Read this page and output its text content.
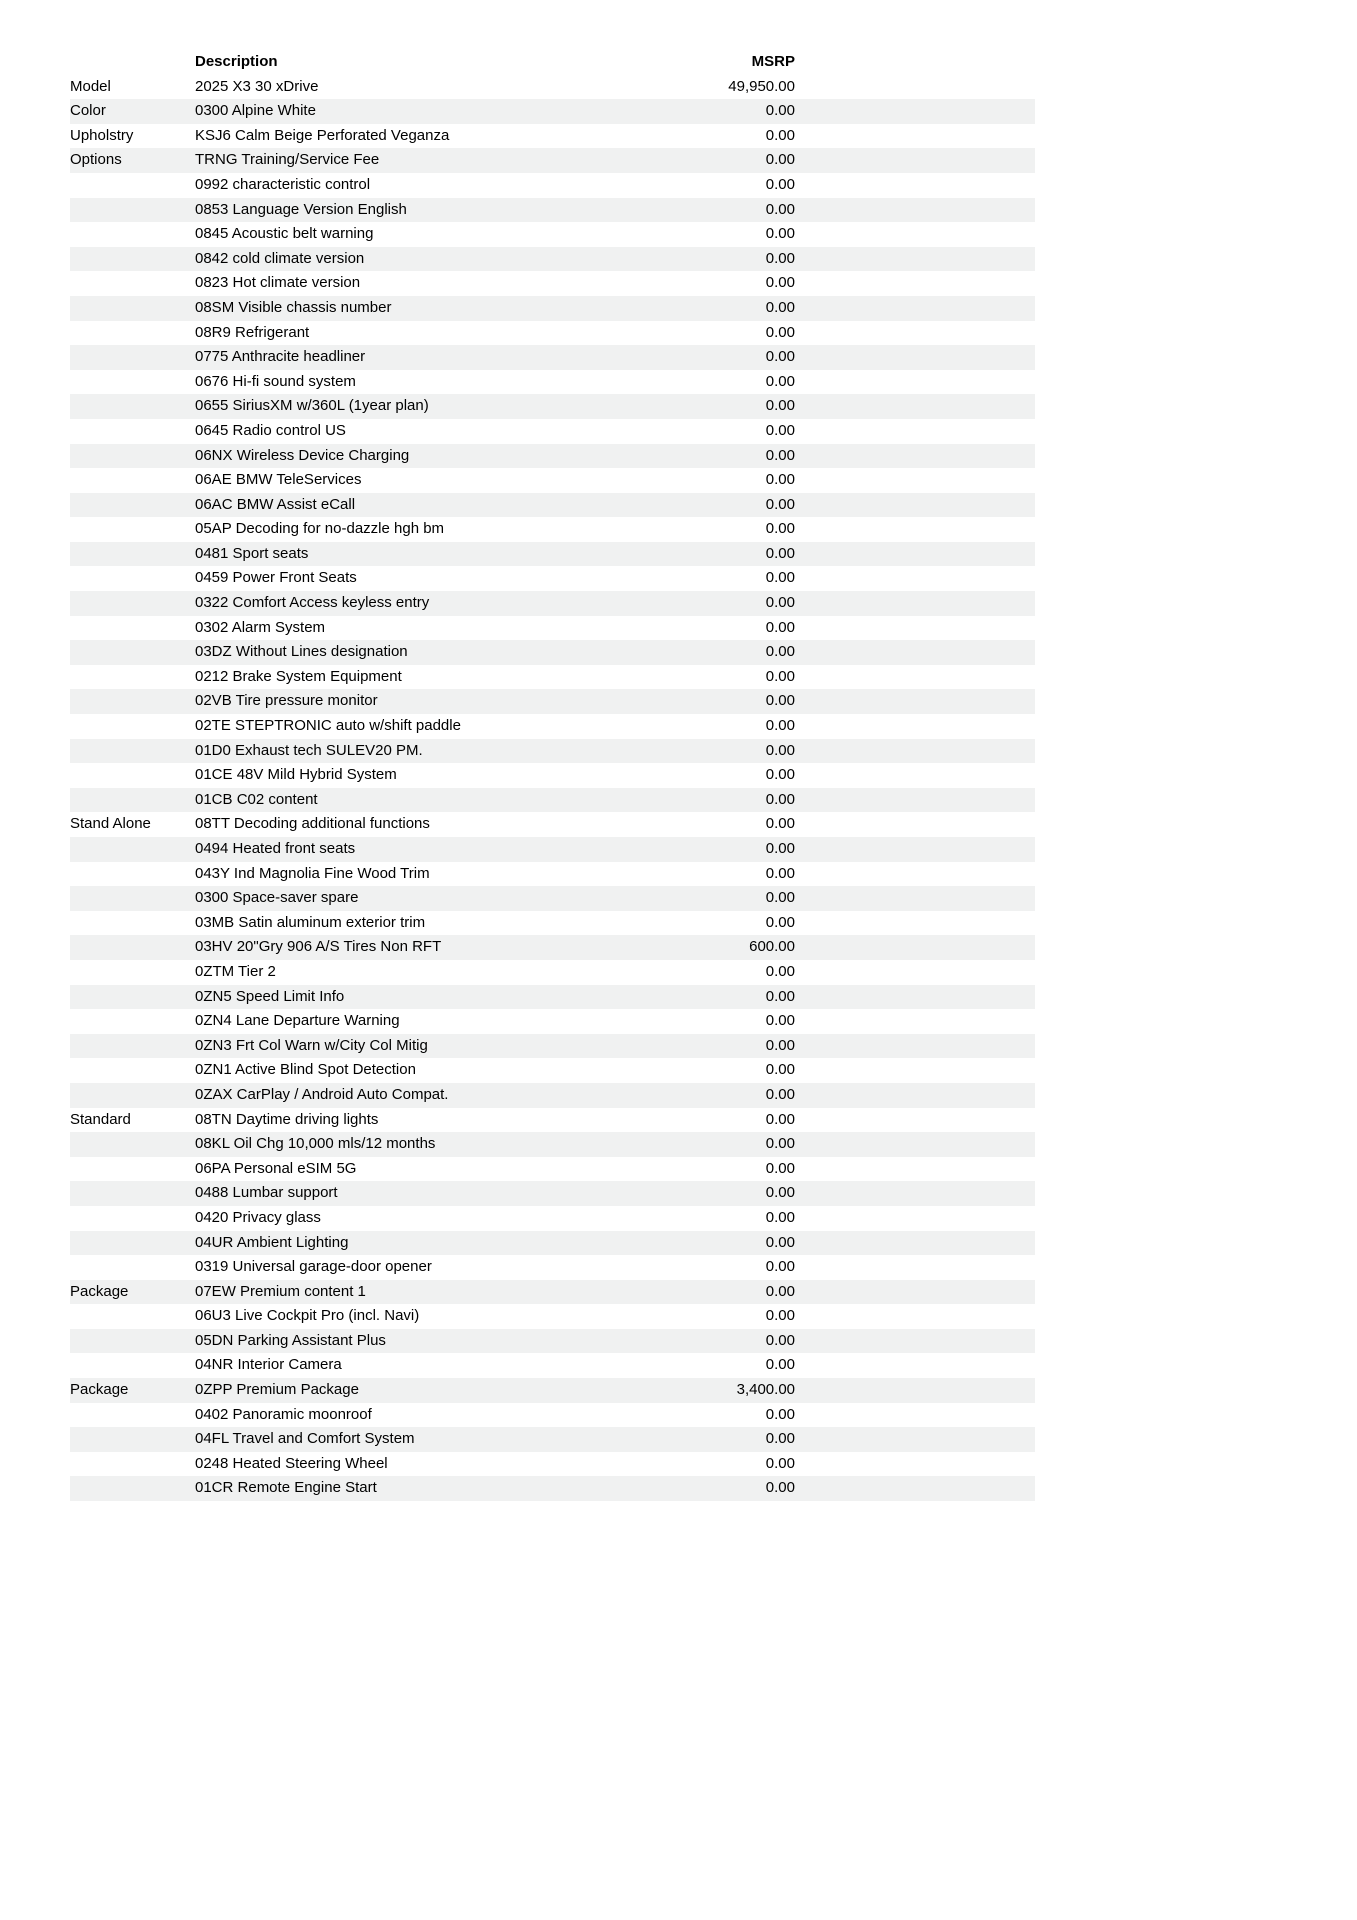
	Description	MSRP	
Model	2025 X3 30 xDrive	49,950.00	
Color	0300 Alpine White	0.00	
Upholstry	KSJ6 Calm Beige Perforated Veganza	0.00	
Options	TRNG Training/Service Fee	0.00	
	0992 characteristic control	0.00	
	0853 Language Version English	0.00	
	0845 Acoustic belt warning	0.00	
	0842 cold climate version	0.00	
	0823 Hot climate version	0.00	
	08SM Visible chassis number	0.00	
	08R9 Refrigerant	0.00	
	0775 Anthracite headliner	0.00	
	0676 Hi-fi sound system	0.00	
	0655 SiriusXM w/360L (1year plan)	0.00	
	0645 Radio control US	0.00	
	06NX Wireless Device Charging	0.00	
	06AE BMW TeleServices	0.00	
	06AC BMW Assist eCall	0.00	
	05AP Decoding for no-dazzle hgh bm	0.00	
	0481 Sport seats	0.00	
	0459 Power Front Seats	0.00	
	0322 Comfort Access keyless entry	0.00	
	0302 Alarm System	0.00	
	03DZ Without Lines designation	0.00	
	0212 Brake System Equipment	0.00	
	02VB Tire pressure monitor	0.00	
	02TE STEPTRONIC auto w/shift paddle	0.00	
	01D0 Exhaust tech SULEV20 PM.	0.00	
	01CE 48V Mild Hybrid System	0.00	
	01CB C02 content	0.00	
Stand Alone	08TT Decoding additional functions	0.00	
	0494 Heated front seats	0.00	
	043Y Ind Magnolia Fine Wood Trim	0.00	
	0300 Space-saver spare	0.00	
	03MB Satin aluminum exterior trim	0.00	
	03HV 20"Gry 906 A/S Tires Non RFT	600.00	
	0ZTM Tier 2	0.00	
	0ZN5 Speed Limit Info	0.00	
	0ZN4 Lane Departure Warning	0.00	
	0ZN3 Frt Col Warn w/City Col Mitig	0.00	
	0ZN1 Active Blind Spot Detection	0.00	
	0ZAX CarPlay / Android Auto Compat.	0.00	
Standard	08TN Daytime driving lights	0.00	
	08KL Oil Chg 10,000 mls/12 months	0.00	
	06PA Personal eSIM 5G	0.00	
	0488 Lumbar support	0.00	
	0420 Privacy glass	0.00	
	04UR Ambient Lighting	0.00	
	0319 Universal garage-door opener	0.00	
Package	07EW Premium content 1	0.00	
	06U3 Live Cockpit Pro (incl. Navi)	0.00	
	05DN Parking Assistant Plus	0.00	
	04NR Interior Camera	0.00	
Package	0ZPP Premium Package	3,400.00	
	0402 Panoramic moonroof	0.00	
	04FL Travel and Comfort System	0.00	
	0248 Heated Steering Wheel	0.00	
	01CR Remote Engine Start	0.00	
